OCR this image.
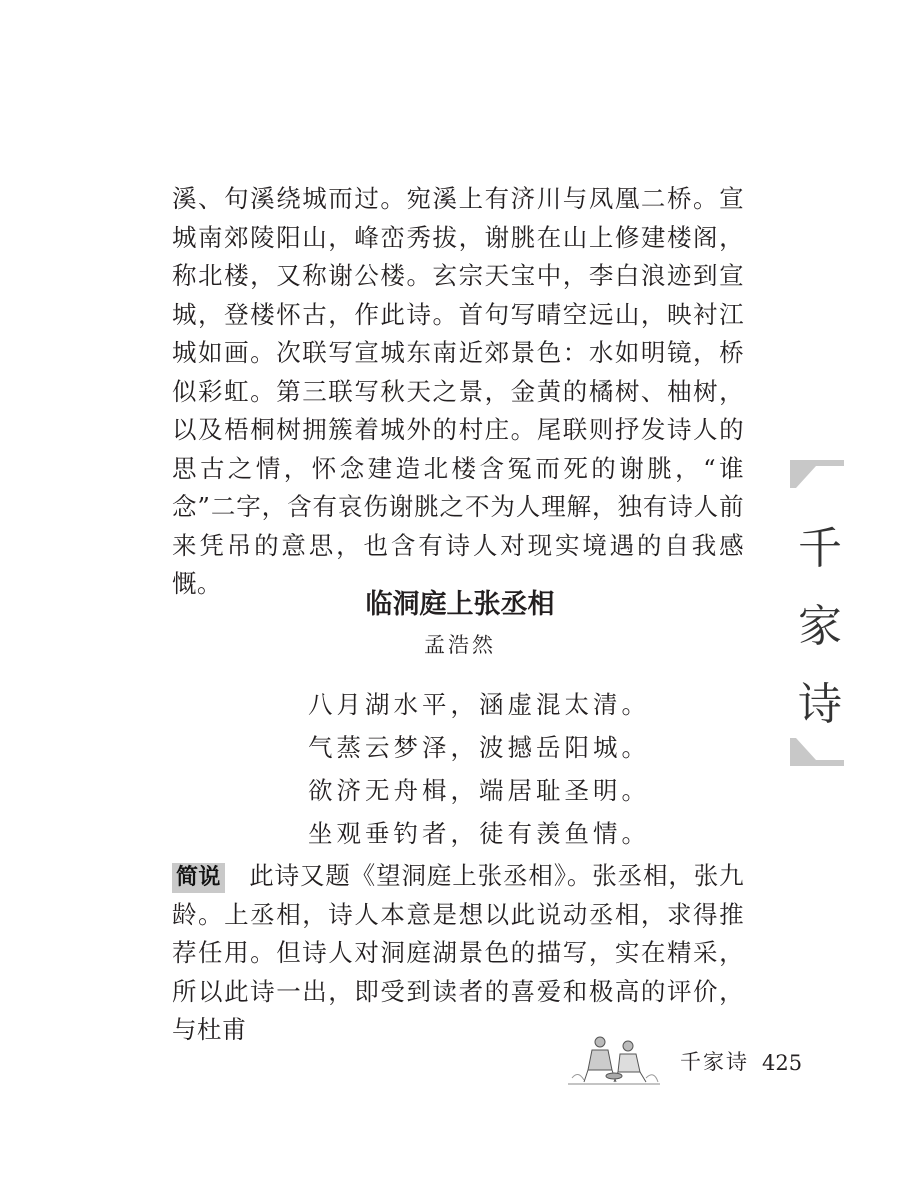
溪、句溪绕城而过。宛溪上有济川与凤凰二桥。宣城南郊陵阳山，峰峦秀拔，谢朓在山上修建楼阁，称北楼，又称谢公楼。玄宗天宝中，李白浪迹到宣城，登楼怀古，作此诗。首句写晴空远山，映衬江城如画。次联写宣城东南近郊景色：水如明镜，桥似彩虹。第三联写秋天之景，金黄的橘树、柚树，以及梧桐树拥簇着城外的村庄。尾联则抒发诗人的思古之情，怀念建造北楼含冤而死的谢朓，“谁念”二字，含有哀伤谢朓之不为人理解，独有诗人前来凭吊的意思，也含有诗人对现实境遇的自我感慨。
临洞庭上张丞相
孟浩然
八月湖水平，涵虚混太清。
气蒸云梦泽，波撼岳阳城。
欲济无舟楫，端居耻圣明。
坐观垂钓者，徒有羡鱼情。
简说 此诗又题《望洞庭上张丞相》。张丞相，张九龄。上丞相，诗人本意是想以此说动丞相，求得推荐任用。但诗人对洞庭湖景色的描写，实在精采，所以此诗一出，即受到读者的喜爱和极高的评价，与杜甫
千
家
诗
千家诗 425
